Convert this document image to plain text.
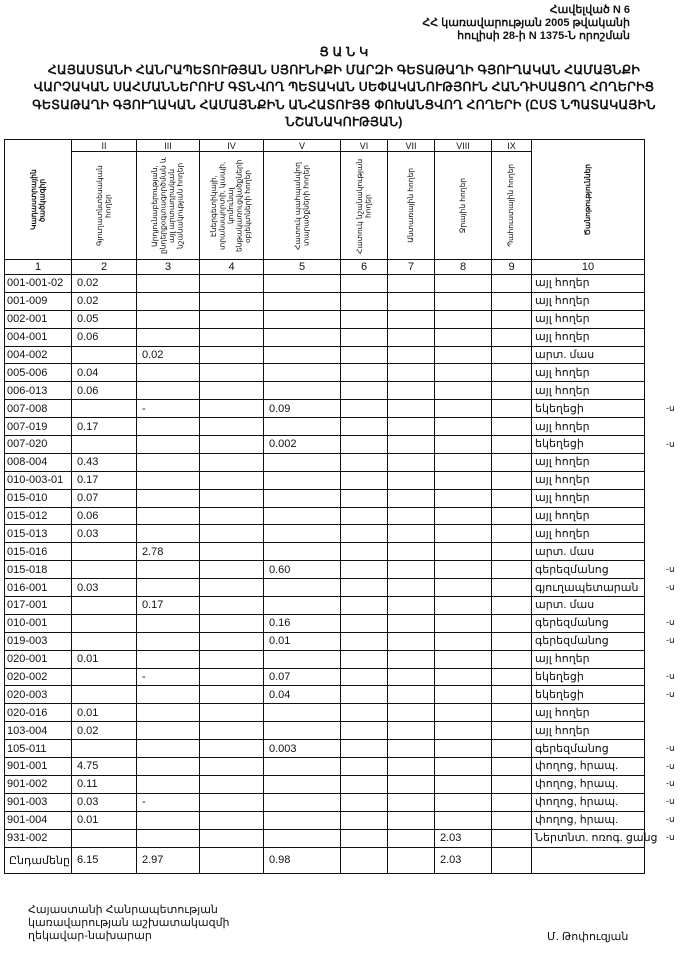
Հավելված N 6
ՀՀ կառավարության 2005 թվականի
հուլիսի 28-ի N 1375-Ն որոշման
Ց Ա Ն Կ
ՀԱՅԱՍՏԱՆԻ ՀԱՆՐԱՊԵՏՈՒԹՅԱՆ ՍՅՈՒՆԻՔԻ ՄԱՐԶԻ ԳԵՏԱԹԱՂԻ ԳՅՈՒՂԱԿԱՆ ՀԱՄԱՅՆՔԻ
ՎԱՐՉԱԿԱՆ ՍԱՀՄԱՆՆԵՐՈՒՄ ԳՏՆՎՈՂ ՊԵՏԱԿԱՆ ՍԵՓԱԿԱՆՈՒԹՅՈՒՆ ՀԱՆԴԻՍԱՑՈՂ ՀՈՂԵՐԻՑ
ԳԵՏԱԹԱՂԻ ԳՅՈՒՂԱԿԱՆ ՀԱՄԱՅՆՔԻՆ ԱՆՀԱՏՈՒՅՑ ՓՈԽԱՆՑՎՈՂ ՀՈՂԵՐԻ (ԸՍՏ ՆՊԱՏԱԿԱՅԻՆ
ՆՇԱՆԱԿՈՒԹՅԱՆ)
Կադաստրային ծածկագիր	II	III	IV	V	VI	VII	VIII	IX	Ծանոթություններ

	Գյուղատնտեսական հողեր	Արդյունաբերության, ընդերքօգտագործման և այլ արտադրական նշանակության հողեր	Էներգետիկայի, տրանսպորտի, կապի, կոմունալ ենթակառուցվածքների օբյեկտների հողեր	Հատուկ պահպանվող տարածքների հողեր	Հատուկ նշանակության հողեր	Անտառային հողեր	Ջրային հողեր	Պահուստային հողեր	

1	2	3	4	5	6	7	8	9	10
001-001-02	0.02								այլ հողեր
001-009	0.02								այլ հողեր
002-001	0.05								այլ հողեր
004-001	0.06								այլ հողեր
004-002		0.02							արտ. մաս
005-006	0.04								այլ հողեր
006-013	0.06								այլ հողեր
007-008		-		0.09					եկեղեցի
007-019	0.17								այլ հողեր
007-020				0.002					եկեղեցի
008-004	0.43								այլ հողեր
010-003-01	0.17								այլ հողեր
015-010	0.07								այլ հողեր
015-012	0.06								այլ հողեր
015-013	0.03								այլ հողեր
015-016		2.78							արտ. մաս
015-018				0.60					գերեզմանոց
016-001	0.03								գյուղապետարան
017-001		0.17							արտ. մաս
010-001				0.16					գերեզմանոց
019-003				0.01					գերեզմանոց
020-001	0.01								այլ հողեր
020-002		-		0.07					եկեղեցի
020-003				0.04					եկեղեցի
020-016	0.01								այլ հողեր
103-004	0.02								այլ հողեր
105-011				0.003					գերեզմանոց
901-001	4.75								փողոց, հրապ.
901-002	0.11								փողոց, հրապ.
901-003	0.03	-							փողոց, հրապ.
901-004	0.01								փողոց, հրապ.
931-002							2.03		Ներտնտ. ոռոգ. ցանց
Ընդամենը	6.15	2.97		0.98			2.03		
-ս
-ս
-ս
-ս
-ս
-ս
-ս
-ս
-ս
-ս
-ս
-ս
-ս
-ս
Հայաստանի Հանրապետության
կառավարության աշխատակազմի
ղեկավար-նախարար	Մ. Թոփուզյան
